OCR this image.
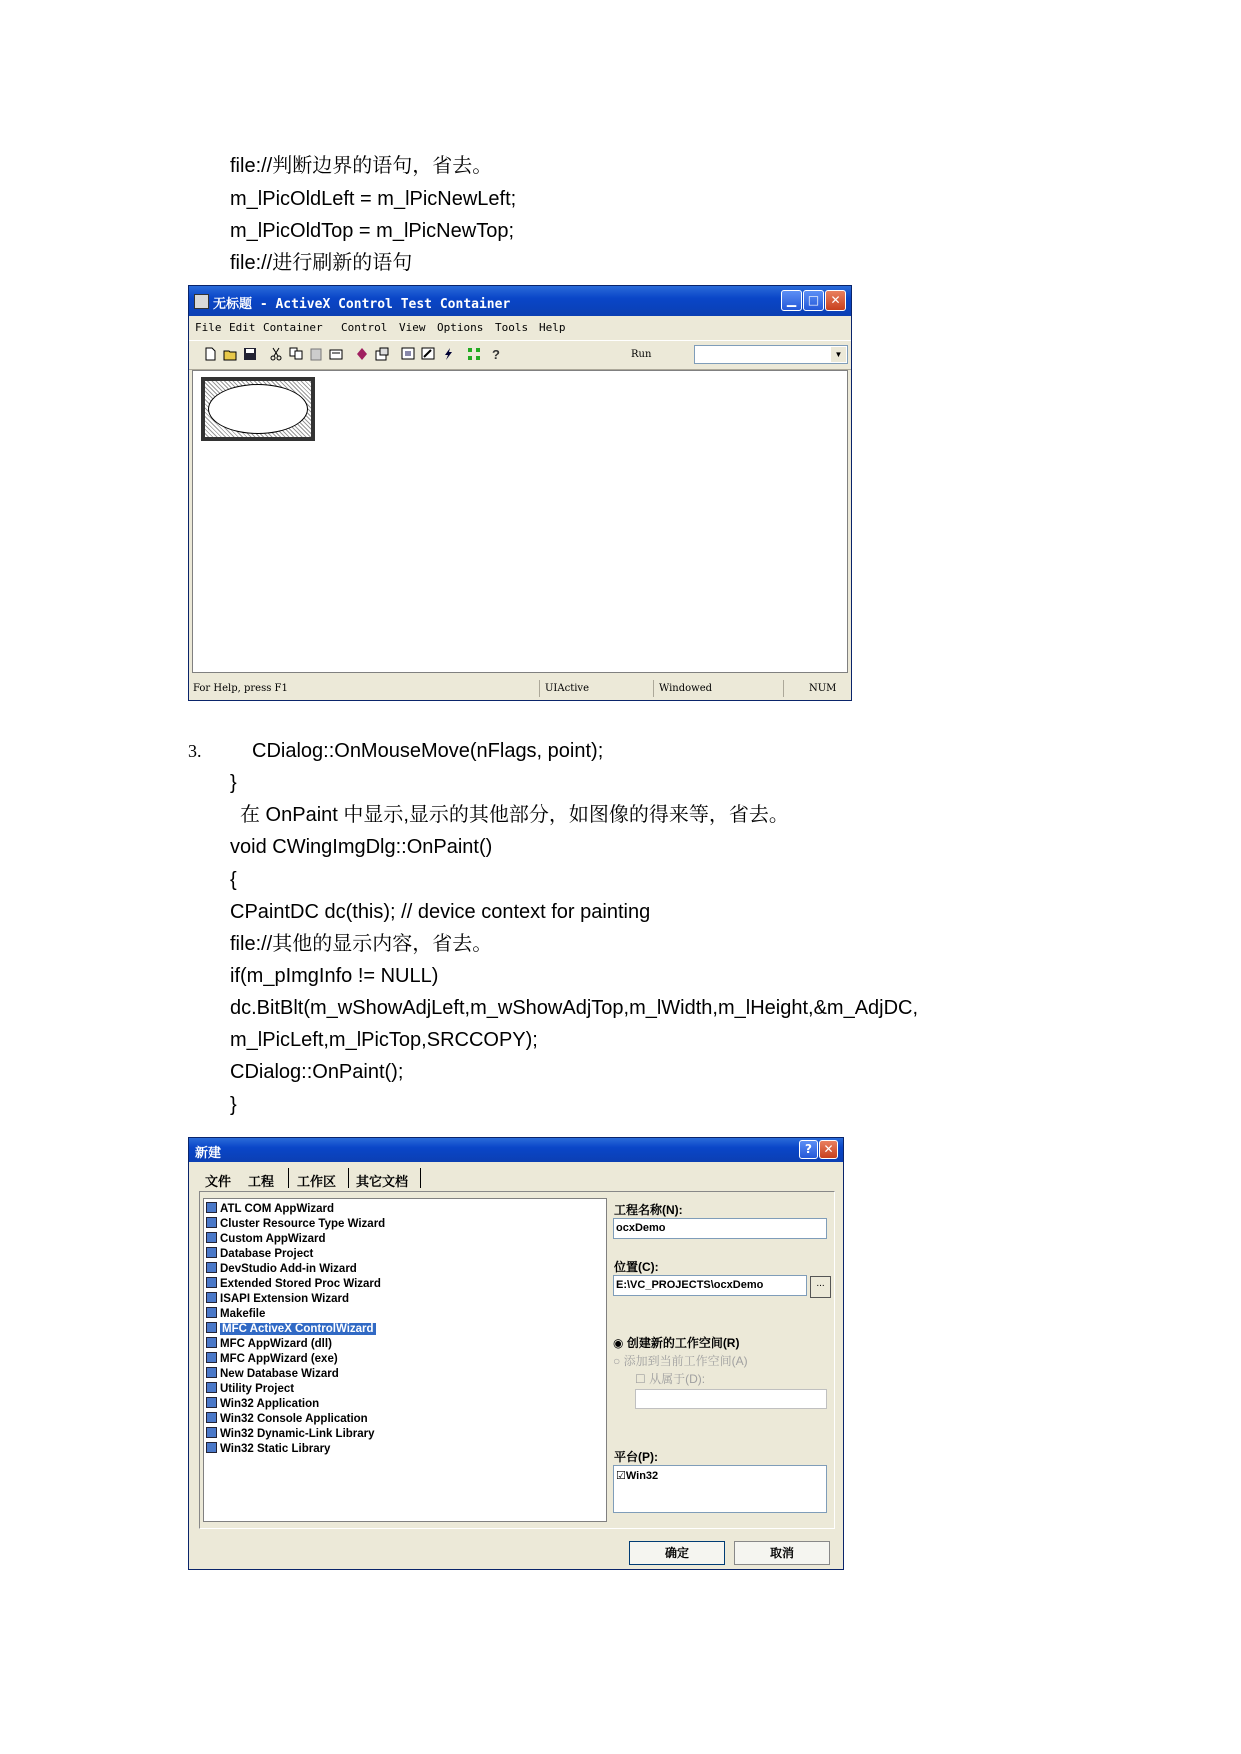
file://判断边界的语句，省去。
m_lPicOldLeft = m_lPicNewLeft;
m_lPicOldTop = m_lPicNewTop;
file://进行刷新的语句
无标题 - ActiveX Control Test Container	▁ □ ✕
File Edit Container Control View Options Tools Help
?	Run	▼
For Help, press F1	UIActive	Windowed	NUM
3.	CDialog::OnMouseMove(nFlags, point);
}
在 OnPaint 中显示,显示的其他部分，如图像的得来等，省去。
void CWingImgDlg::OnPaint()
{
CPaintDC dc(this); // device context for painting
file://其他的显示内容，省去。
if(m_pImgInfo != NULL)
dc.BitBlt(m_wShowAdjLeft,m_wShowAdjTop,m_lWidth,m_lHeight,&m_AdjDC,
m_lPicLeft,m_lPicTop,SRCCOPY);
CDialog::OnPaint();
}
新建	? ✕
文件 工程 工作区 其它文档
ATL COM AppWizard
Cluster Resource Type Wizard
Custom AppWizard
Database Project
DevStudio Add-in Wizard
Extended Stored Proc Wizard
ISAPI Extension Wizard
Makefile
MFC ActiveX ControlWizard
MFC AppWizard (dll)
MFC AppWizard (exe)
New Database Wizard
Utility Project
Win32 Application
Win32 Console Application
Win32 Dynamic-Link Library
Win32 Static Library
工程名称(N):
ocxDemo
位置(C):
E:\VC_PROJECTS\ocxDemo	...
◉ 创建新的工作空间(R)
○ 添加到当前工作空间(A)
☐ 从属于(D):
平台(P):
☑Win32
确定	取消
